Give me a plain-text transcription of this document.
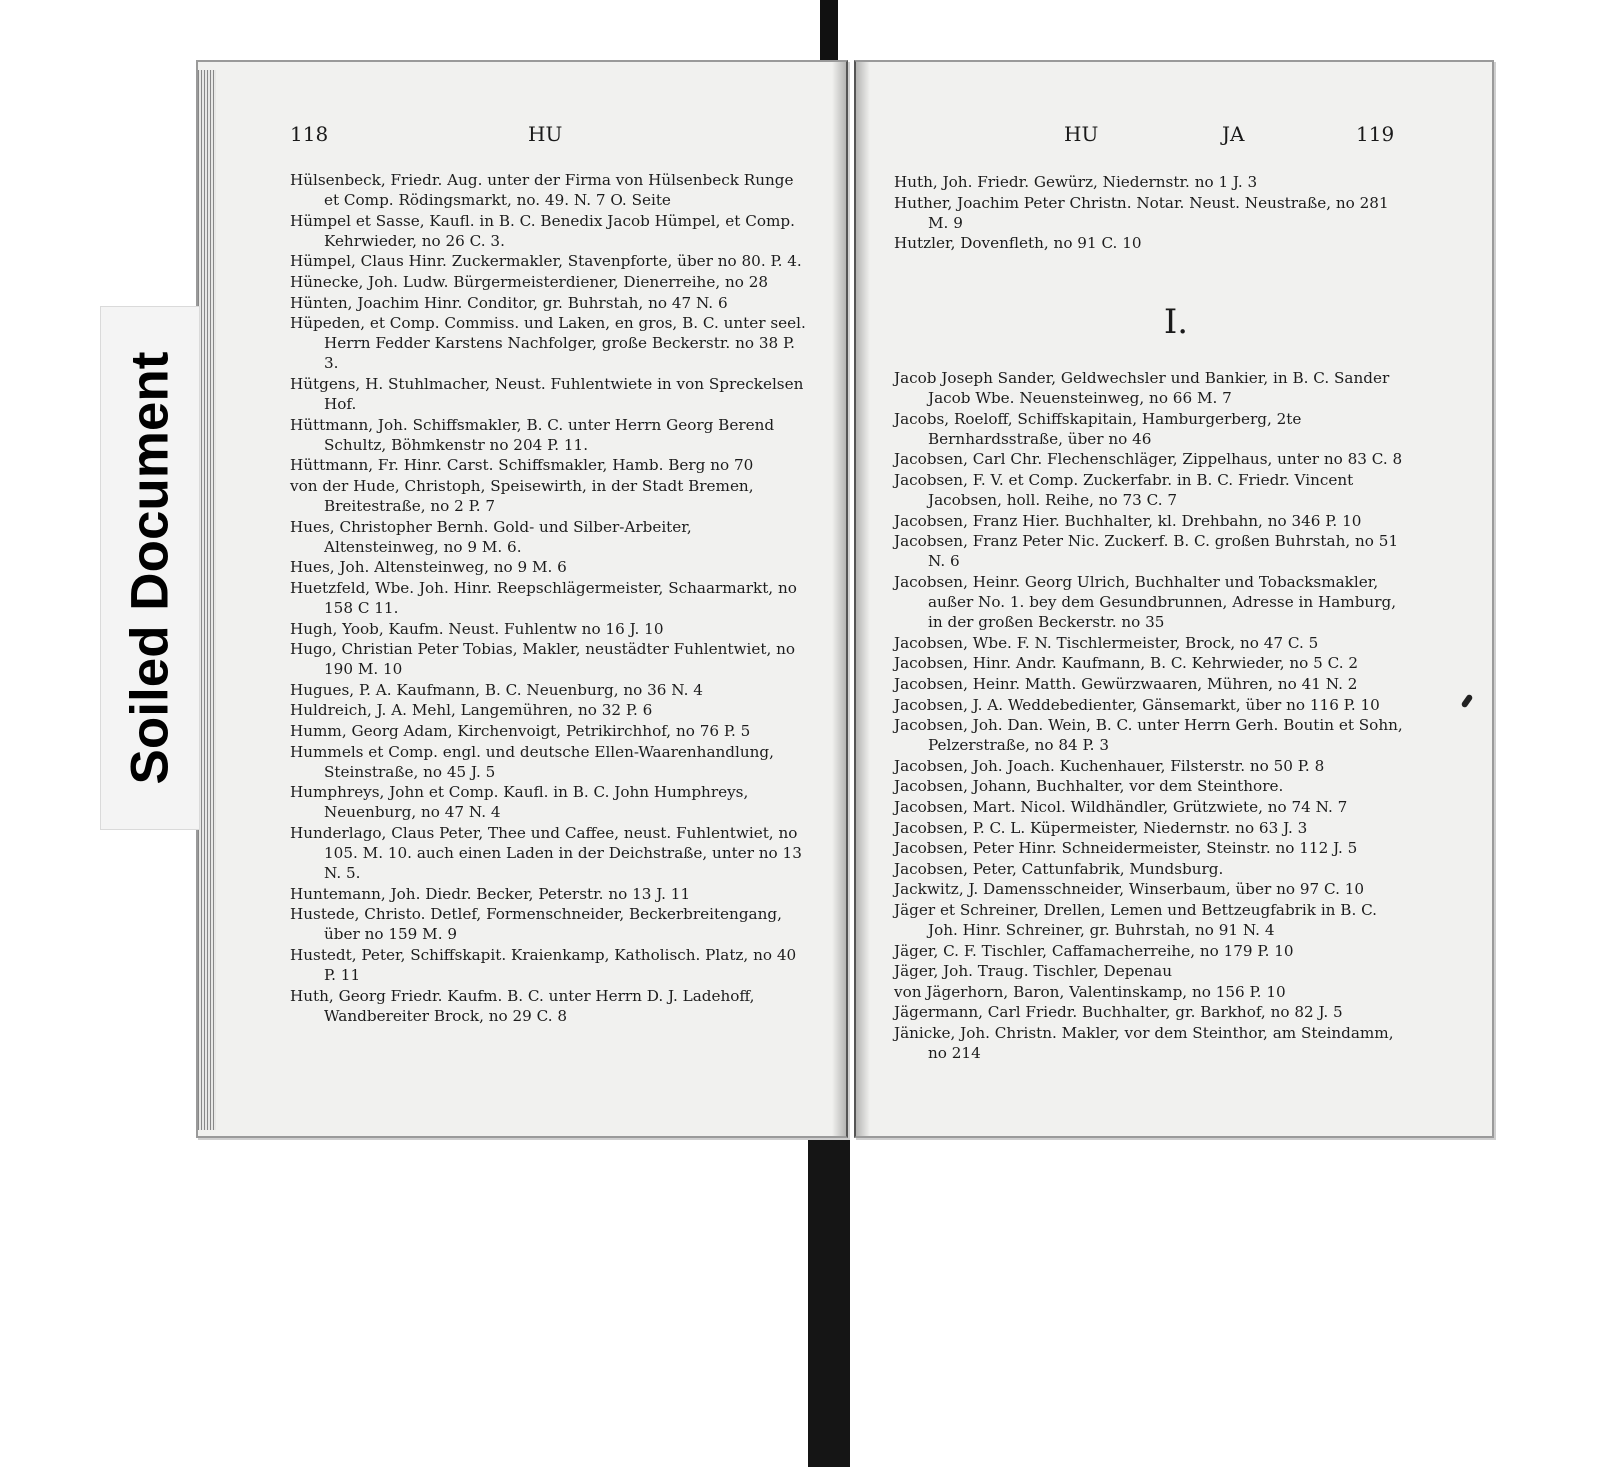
118	HU
Hülsenbeck, Friedr. Aug. unter der Firma von Hülsenbeck Runge et Comp. Rödingsmarkt, no. 49. N. 7 O. Seite
Hümpel et Sasse, Kaufl. in B. C. Benedix Jacob Hümpel, et Comp. Kehrwieder, no 26 C. 3.
Hümpel, Claus Hinr. Zuckermakler, Stavenpforte, über no 80. P. 4.
Hünecke, Joh. Ludw. Bürgermeisterdiener, Dienerreihe, no 28
Hünten, Joachim Hinr. Conditor, gr. Buhrstah, no 47 N. 6
Hüpeden, et Comp. Commiss. und Laken, en gros, B. C. unter seel. Herrn Fedder Karstens Nachfolger, große Beckerstr. no 38 P. 3.
Hütgens, H. Stuhlmacher, Neust. Fuhlentwiete in von Spreckelsen Hof.
Hüttmann, Joh. Schiffsmakler, B. C. unter Herrn Georg Berend Schultz, Böhmkenstr no 204 P. 11.
Hüttmann, Fr. Hinr. Carst. Schiffsmakler, Hamb. Berg no 70
von der Hude, Christoph, Speisewirth, in der Stadt Bremen, Breitestraße, no 2 P. 7
Hues, Christopher Bernh. Gold- und Silber-Arbeiter, Altensteinweg, no 9 M. 6.
Hues, Joh. Altensteinweg, no 9 M. 6
Huetzfeld, Wbe. Joh. Hinr. Reepschlägermeister, Schaarmarkt, no 158 C 11.
Hugh, Yoob, Kaufm. Neust. Fuhlentw no 16 J. 10
Hugo, Christian Peter Tobias, Makler, neustädter Fuhlentwiet, no 190 M. 10
Hugues, P. A. Kaufmann, B. C. Neuenburg, no 36 N. 4
Huldreich, J. A. Mehl, Langemühren, no 32 P. 6
Humm, Georg Adam, Kirchenvoigt, Petrikirchhof, no 76 P. 5
Hummels et Comp. engl. und deutsche Ellen-Waarenhandlung, Steinstraße, no 45 J. 5
Humphreys, John et Comp. Kaufl. in B. C. John Humphreys, Neuenburg, no 47 N. 4
Hunderlago, Claus Peter, Thee und Caffee, neust. Fuhlentwiet, no 105. M. 10. auch einen Laden in der Deichstraße, unter no 13 N. 5.
Huntemann, Joh. Diedr. Becker, Peterstr. no 13 J. 11
Hustede, Christo. Detlef, Formenschneider, Beckerbreitengang, über no 159 M. 9
Hustedt, Peter, Schiffskapit. Kraienkamp, Katholisch. Platz, no 40 P. 11
Huth, Georg Friedr. Kaufm. B. C. unter Herrn D. J. Ladehoff, Wandbereiter Brock, no 29 C. 8
HU	JA	119
Huth, Joh. Friedr. Gewürz, Niedernstr. no 1 J. 3
Huther, Joachim Peter Christn. Notar. Neust. Neustraße, no 281 M. 9
Hutzler, Dovenfleth, no 91 C. 10
I.
Jacob Joseph Sander, Geldwechsler und Bankier, in B. C. Sander Jacob Wbe. Neuensteinweg, no 66 M. 7
Jacobs, Roeloff, Schiffskapitain, Hamburgerberg, 2te Bernhardsstraße, über no 46
Jacobsen, Carl Chr. Flechenschläger, Zippelhaus, unter no 83 C. 8
Jacobsen, F. V. et Comp. Zuckerfabr. in B. C. Friedr. Vincent Jacobsen, holl. Reihe, no 73 C. 7
Jacobsen, Franz Hier. Buchhalter, kl. Drehbahn, no 346 P. 10
Jacobsen, Franz Peter Nic. Zuckerf. B. C. großen Buhrstah, no 51 N. 6
Jacobsen, Heinr. Georg Ulrich, Buchhalter und Tobacksmakler, außer No. 1. bey dem Gesundbrunnen, Adresse in Hamburg, in der großen Beckerstr. no 35
Jacobsen, Wbe. F. N. Tischlermeister, Brock, no 47 C. 5
Jacobsen, Hinr. Andr. Kaufmann, B. C. Kehrwieder, no 5 C. 2
Jacobsen, Heinr. Matth. Gewürzwaaren, Mühren, no 41 N. 2
Jacobsen, J. A. Weddebedienter, Gänsemarkt, über no 116 P. 10
Jacobsen, Joh. Dan. Wein, B. C. unter Herrn Gerh. Boutin et Sohn, Pelzerstraße, no 84 P. 3
Jacobsen, Joh. Joach. Kuchenhauer, Filsterstr. no 50 P. 8
Jacobsen, Johann, Buchhalter, vor dem Steinthore.
Jacobsen, Mart. Nicol. Wildhändler, Grützwiete, no 74 N. 7
Jacobsen, P. C. L. Küpermeister, Niedernstr. no 63 J. 3
Jacobsen, Peter Hinr. Schneidermeister, Steinstr. no 112 J. 5
Jacobsen, Peter, Cattunfabrik, Mundsburg.
Jackwitz, J. Damensschneider, Winserbaum, über no 97 C. 10
Jäger et Schreiner, Drellen, Lemen und Bettzeugfabrik in B. C. Joh. Hinr. Schreiner, gr. Buhrstah, no 91 N. 4
Jäger, C. F. Tischler, Caffamacherreihe, no 179 P. 10
Jäger, Joh. Traug. Tischler, Depenau
von Jägerhorn, Baron, Valentinskamp, no 156 P. 10
Jägermann, Carl Friedr. Buchhalter, gr. Barkhof, no 82 J. 5
Jänicke, Joh. Christn. Makler, vor dem Steinthor, am Steindamm, no 214
Soiled Document
